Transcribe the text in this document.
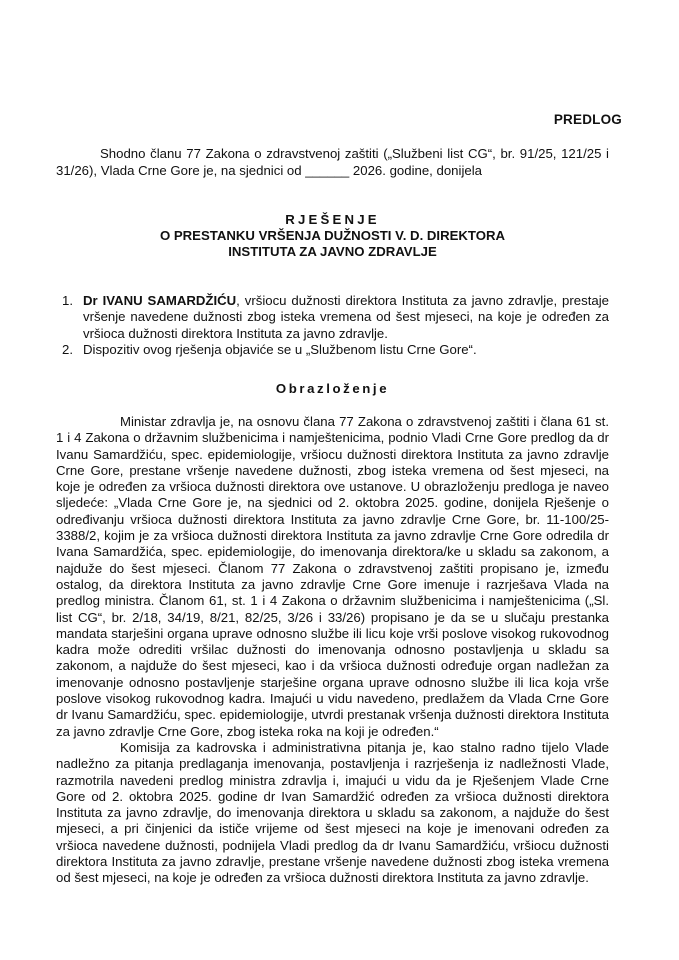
PREDLOG

Shodno članu 77 Zakona o zdravstvenoj zaštiti („Službeni list CG“, br. 91/25, 121/25 i 31/26), Vlada Crne Gore je, na sjednici od ______ 2026. godine, donijela

RJEŠENJE
O PRESTANKU VRŠENJA DUŽNOSTI V. D. DIREKTORA
INSTITUTA ZA JAVNO ZDRAVLJE
1. Dr IVANU SAMARDŽIĆU, vršiocu dužnosti direktora Instituta za javno zdravlje, prestaje vršenje navedene dužnosti zbog isteka vremena od šest mjeseci, na koje je određen za vršioca dužnosti direktora Instituta za javno zdravlje.
2. Dispozitiv ovog rješenja objaviće se u „Službenom listu Crne Gore“.
Obrazloženje

Ministar zdravlja je, na osnovu člana 77 Zakona o zdravstvenoj zaštiti i člana 61 st. 1 i 4 Zakona o državnim službenicima i namještenicima, podnio Vladi Crne Gore predlog da dr Ivanu Samardžiću, spec. epidemiologije, vršiocu dužnosti direktora Instituta za javno zdravlje Crne Gore, prestane vršenje navedene dužnosti, zbog isteka vremena od šest mjeseci, na koje je određen za vršioca dužnosti direktora ove ustanove. U obrazloženju predloga je naveo sljedeće: „Vlada Crne Gore je, na sjednici od 2. oktobra 2025. godine, donijela Rješenje o određivanju vršioca dužnosti direktora Instituta za javno zdravlje Crne Gore, br. 11-100/25-3388/2, kojim je za vršioca dužnosti direktora Instituta za javno zdravlje Crne Gore odredila dr Ivana Samardžića, spec. epidemiologije, do imenovanja direktora/ke u skladu sa zakonom, a najduže do šest mjeseci. Članom 77 Zakona o zdravstvenoj zaštiti propisano je, između ostalog, da direktora Instituta za javno zdravlje Crne Gore imenuje i razrješava Vlada na predlog ministra. Članom 61, st. 1 i 4 Zakona o državnim službenicima i namještenicima („Sl. list CG“, br. 2/18, 34/19, 8/21, 82/25, 3/26 i 33/26) propisano je da se u slučaju prestanka mandata starješini organa uprave odnosno službe ili licu koje vrši poslove visokog rukovodnog kadra može odrediti vršilac dužnosti do imenovanja odnosno postavljenja u skladu sa zakonom, a najduže do šest mjeseci, kao i da vršioca dužnosti određuje organ nadležan za imenovanje odnosno postavljenje starješine organa uprave odnosno službe ili lica koja vrše poslove visokog rukovodnog kadra. Imajući u vidu navedeno, predlažem da Vlada Crne Gore dr Ivanu Samardžiću, spec. epidemiologije, utvrdi prestanak vršenja dužnosti direktora Instituta za javno zdravlje Crne Gore, zbog isteka roka na koji je određen.“

Komisija za kadrovska i administrativna pitanja je, kao stalno radno tijelo Vlade nadležno za pitanja predlaganja imenovanja, postavljenja i razrješenja iz nadležnosti Vlade, razmotrila navedeni predlog ministra zdravlja i, imajući u vidu da je Rješenjem Vlade Crne Gore od 2. oktobra 2025. godine dr Ivan Samardžić određen za vršioca dužnosti direktora Instituta za javno zdravlje, do imenovanja direktora u skladu sa zakonom, a najduže do šest mjeseci, a pri činjenici da ističe vrijeme od šest mjeseci na koje je imenovani određen za vršioca navedene dužnosti, podnijela Vladi predlog da dr Ivanu Samardžiću, vršiocu dužnosti direktora Instituta za javno zdravlje, prestane vršenje navedene dužnosti zbog isteka vremena od šest mjeseci, na koje je određen za vršioca dužnosti direktora Instituta za javno zdravlje.
